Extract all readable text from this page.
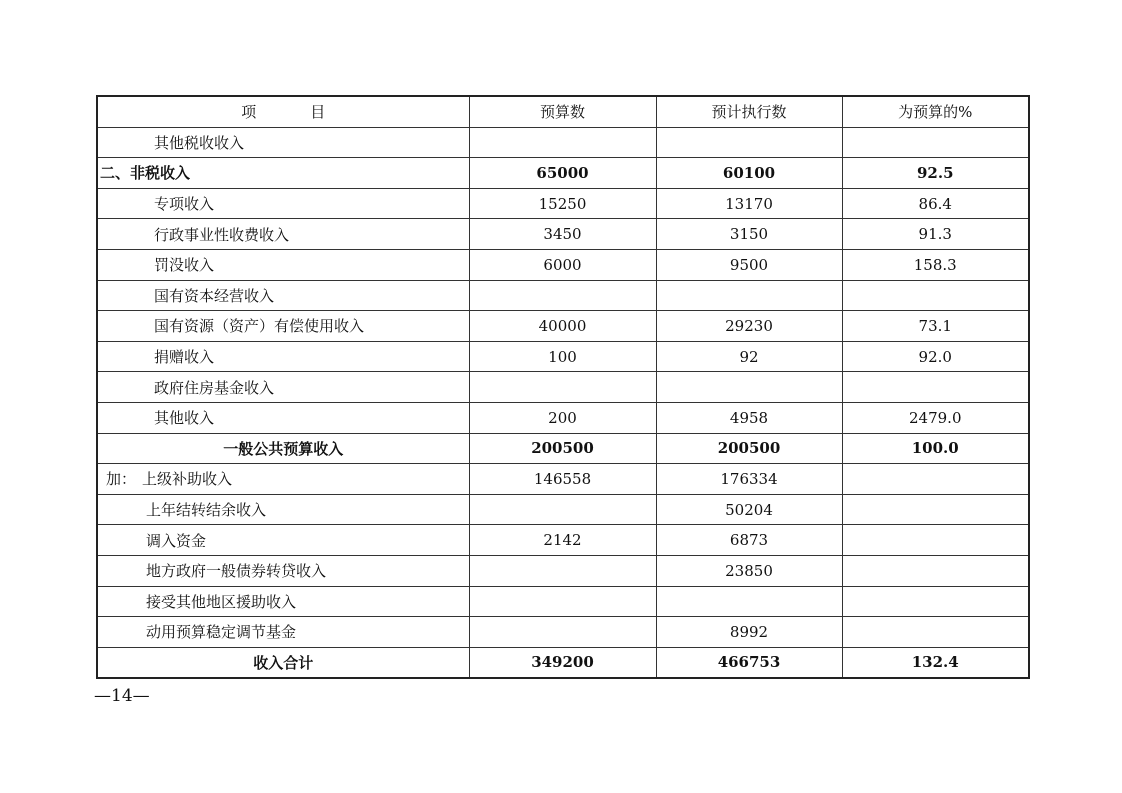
项 目	预算数	预计执行数	为预算的%
其他税收收入			
二、非税收入	65000	60100	92.5
专项收入	15250	13170	86.4
行政事业性收费收入	3450	3150	91.3
罚没收入	6000	9500	158.3
国有资本经营收入			
国有资源（资产）有偿使用收入	40000	29230	73.1
捐赠收入	100	92	92.0
政府住房基金收入			
其他收入	200	4958	2479.0
一般公共预算收入	200500	200500	100.0
加： 上级补助收入	146558	176334	
上年结转结余收入		50204	
调入资金	2142	6873	
地方政府一般债券转贷收入		23850	
接受其他地区援助收入			
动用预算稳定调节基金		8992	
收入合计	349200	466753	132.4
—14—
